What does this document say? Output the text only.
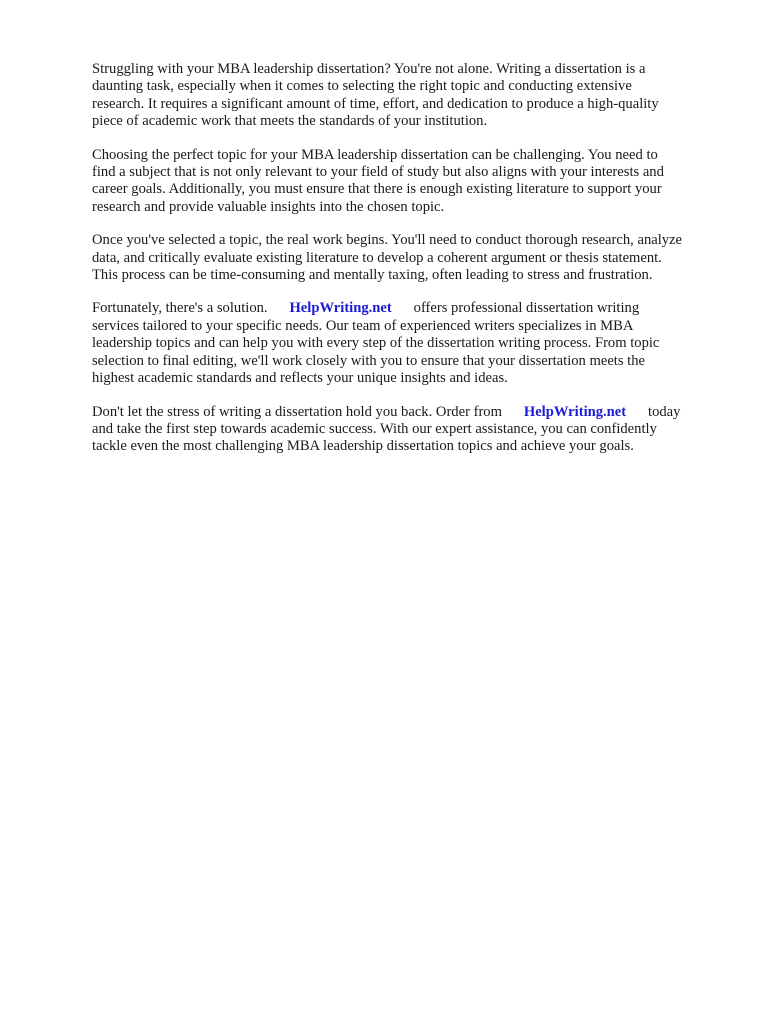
Struggling with your MBA leadership dissertation? You're not alone. Writing a dissertation is a
daunting task, especially when it comes to selecting the right topic and conducting extensive
research. It requires a significant amount of time, effort, and dedication to produce a high-quality
piece of academic work that meets the standards of your institution.

Choosing the perfect topic for your MBA leadership dissertation can be challenging. You need to
find a subject that is not only relevant to your field of study but also aligns with your interests and
career goals. Additionally, you must ensure that there is enough existing literature to support your
research and provide valuable insights into the chosen topic.

Once you've selected a topic, the real work begins. You'll need to conduct thorough research, analyze
data, and critically evaluate existing literature to develop a coherent argument or thesis statement.
This process can be time-consuming and mentally taxing, often leading to stress and frustration.

Fortunately, there's a solution.      HelpWriting.net      offers professional dissertation writing
services tailored to your specific needs. Our team of experienced writers specializes in MBA
leadership topics and can help you with every step of the dissertation writing process. From topic
selection to final editing, we'll work closely with you to ensure that your dissertation meets the
highest academic standards and reflects your unique insights and ideas.

Don't let the stress of writing a dissertation hold you back. Order from      HelpWriting.net      today
and take the first step towards academic success. With our expert assistance, you can confidently
tackle even the most challenging MBA leadership dissertation topics and achieve your goals.
